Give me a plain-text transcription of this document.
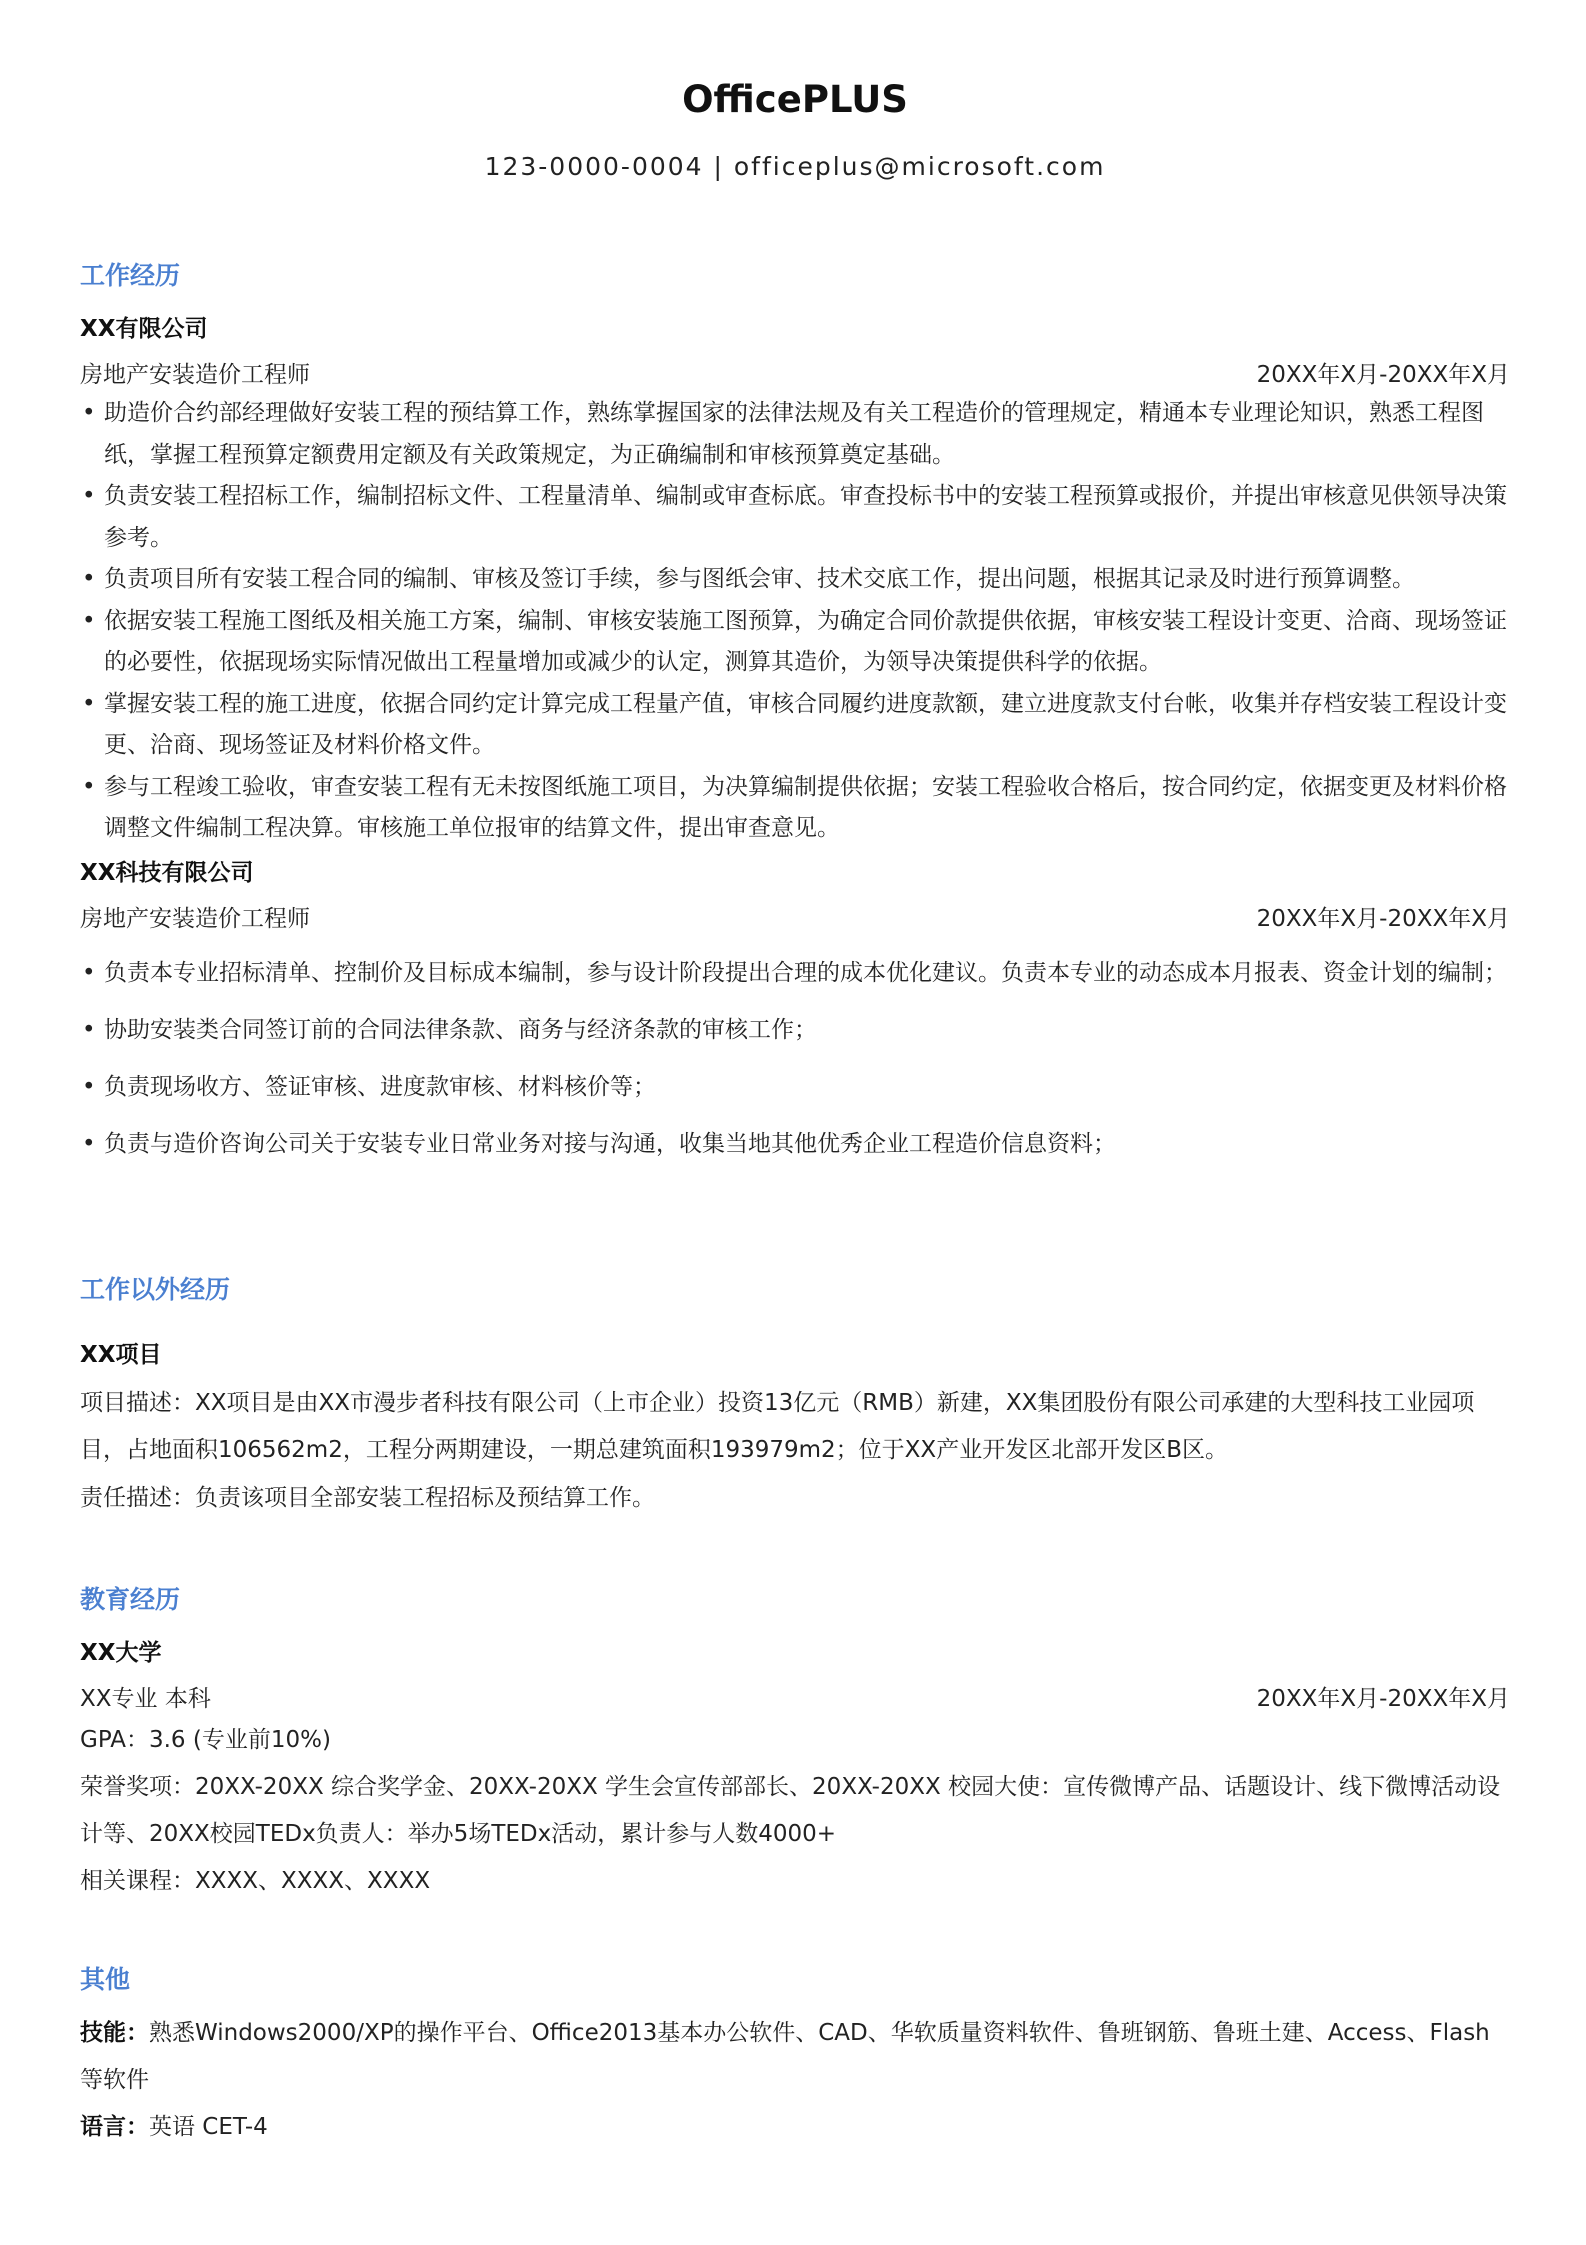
OfficePLUS
123-0000-0004 | officeplus@microsoft.com
工作经历
XX有限公司
房地产安装造价工程师	20XX年X月-20XX年X月
• 助造价合约部经理做好安装工程的预结算工作，熟练掌握国家的法律法规及有关工程造价的管理规定，精通本专业理论知识，熟悉工程图纸，掌握工程预算定额费用定额及有关政策规定，为正确编制和审核预算奠定基础。
• 负责安装工程招标工作，编制招标文件、工程量清单、编制或审查标底。审查投标书中的安装工程预算或报价，并提出审核意见供领导决策参考。
• 负责项目所有安装工程合同的编制、审核及签订手续，参与图纸会审、技术交底工作，提出问题，根据其记录及时进行预算调整。
• 依据安装工程施工图纸及相关施工方案，编制、审核安装施工图预算，为确定合同价款提供依据，审核安装工程设计变更、洽商、现场签证的必要性，依据现场实际情况做出工程量增加或减少的认定，测算其造价，为领导决策提供科学的依据。
• 掌握安装工程的施工进度，依据合同约定计算完成工程量产值，审核合同履约进度款额，建立进度款支付台帐，收集并存档安装工程设计变更、洽商、现场签证及材料价格文件。
• 参与工程竣工验收，审查安装工程有无未按图纸施工项目，为决算编制提供依据；安装工程验收合格后，按合同约定，依据变更及材料价格调整文件编制工程决算。审核施工单位报审的结算文件，提出审查意见。
XX科技有限公司
房地产安装造价工程师	20XX年X月-20XX年X月
• 负责本专业招标清单、控制价及目标成本编制，参与设计阶段提出合理的成本优化建议。负责本专业的动态成本月报表、资金计划的编制；
• 协助安装类合同签订前的合同法律条款、商务与经济条款的审核工作；
• 负责现场收方、签证审核、进度款审核、材料核价等；
• 负责与造价咨询公司关于安装专业日常业务对接与沟通，收集当地其他优秀企业工程造价信息资料；
工作以外经历
XX项目
项目描述：XX项目是由XX市漫步者科技有限公司（上市企业）投资13亿元（RMB）新建，XX集团股份有限公司承建的大型科技工业园项目，占地面积106562m2，工程分两期建设，一期总建筑面积193979m2；位于XX产业开发区北部开发区B区。
责任描述：负责该项目全部安装工程招标及预结算工作。
教育经历
XX大学
XX专业 本科	20XX年X月-20XX年X月
GPA：3.6 (专业前10%)
荣誉奖项：20XX-20XX 综合奖学金、20XX-20XX 学生会宣传部部长、20XX-20XX 校园大使：宣传微博产品、话题设计、线下微博活动设计等、20XX校园TEDx负责人：举办5场TEDx活动，累计参与人数4000+
相关课程：XXXX、XXXX、XXXX
其他
技能：熟悉Windows2000/XP的操作平台、Office2013基本办公软件、CAD、华软质量资料软件、鲁班钢筋、鲁班土建、Access、Flash等软件
语言：英语 CET-4
